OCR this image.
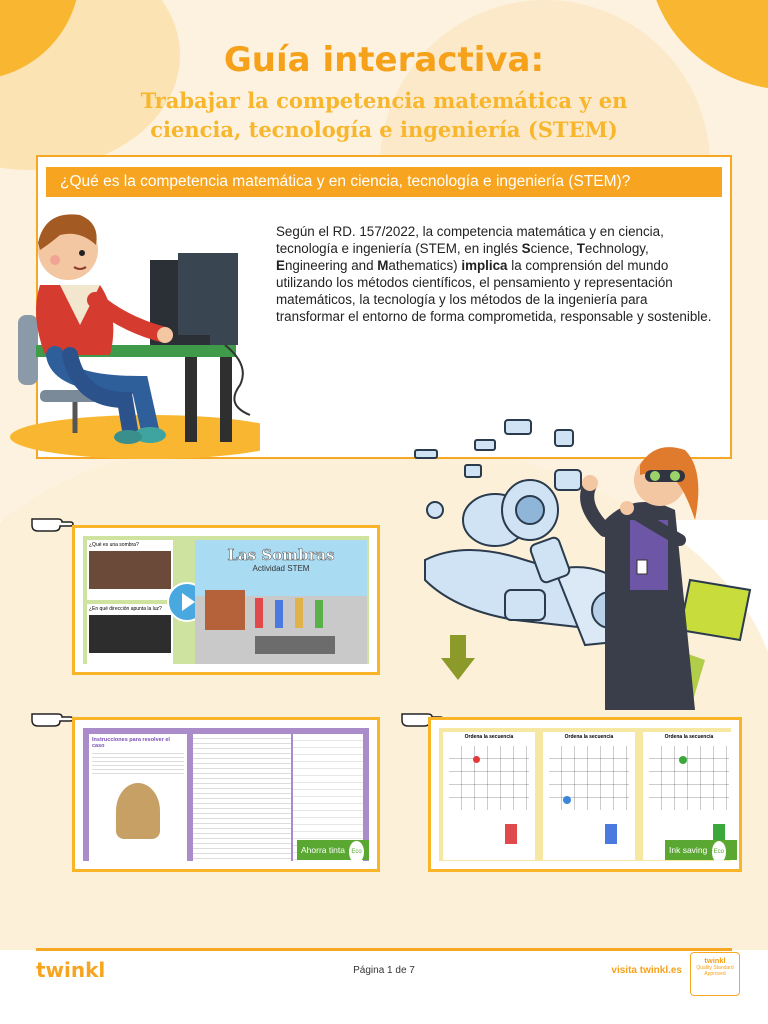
Guía interactiva:
Trabajar la competencia matemática y en
ciencia, tecnología e ingeniería (STEM)
¿Qué es la competencia matemática y en ciencia, tecnología e ingeniería (STEM)?
Según el RD. 157/2022, la competencia matemática y en ciencia, tecnología e ingeniería (STEM, en inglés Science, Technology, Engineering and Mathematics) implica la comprensión del mundo utilizando los métodos científicos, el pensamiento y representación matemáticos, la tecnología y los métodos de la ingeniería para transformar el entorno de forma comprometida, responsable y sostenible.
¿Qué es una sombra?
¿En qué dirección apunta la luz?
Las Sombras
Actividad STEM
Instrucciones para resolver el caso
Ahorra tinta Eco
Ordena la secuencia	Ordena la secuencia	Ordena la secuencia
Ink saving Eco
twinkl	Página 1 de 7	visita twinkl.es
twinkl
Quality Standard
Approved
